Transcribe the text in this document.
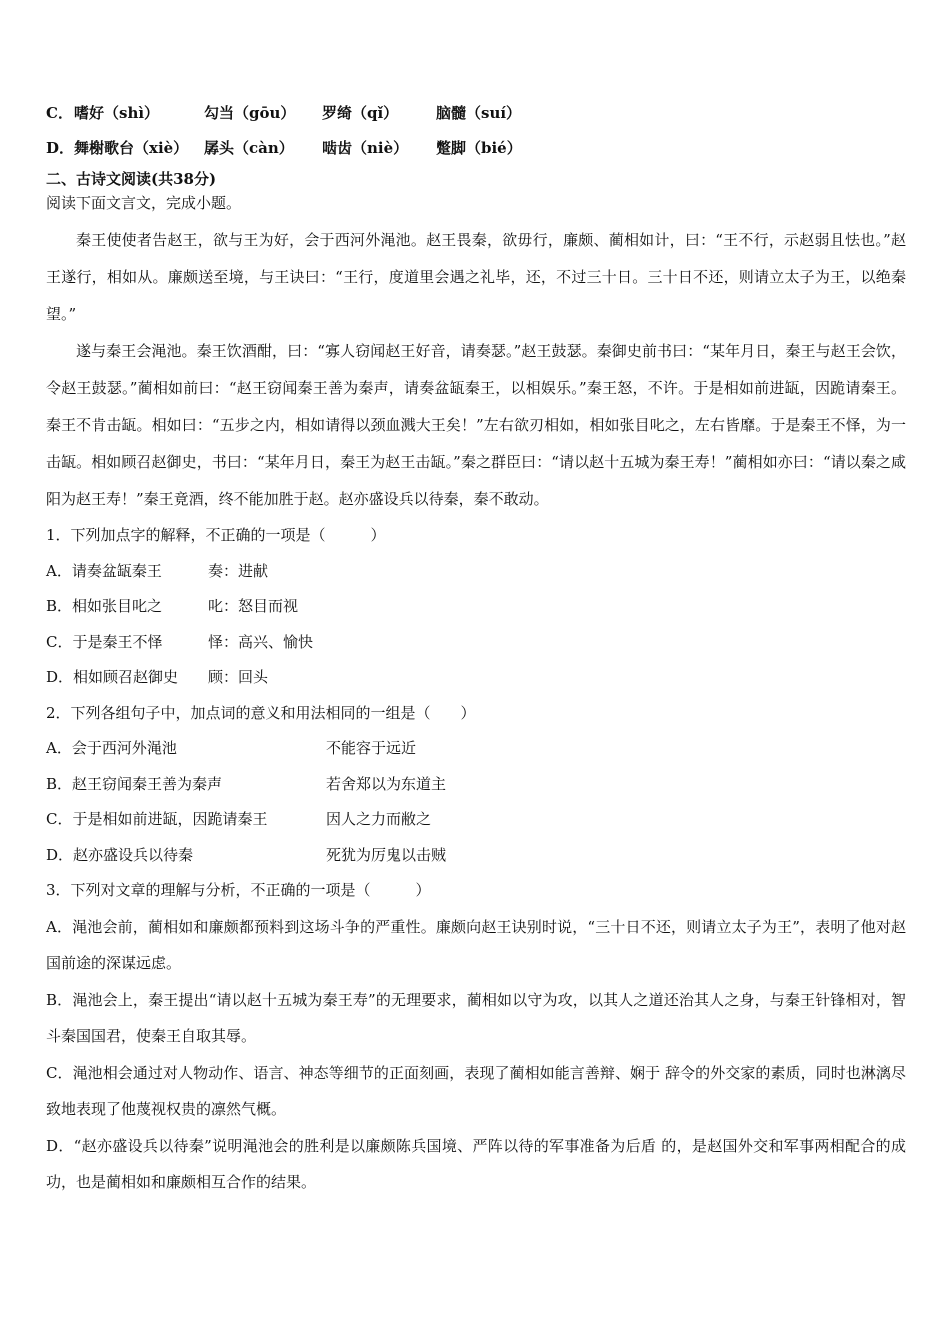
C． 嗜好（shì）	勾当（gōu） 罗绮（qǐ）	脑髓（suí）
D． 舞榭歌台（xiè） 孱头（càn） 啮齿（niè） 蹩脚（bié）
二、古诗文阅读(共38分)
阅读下面文言文，完成小题。
秦王使使者告赵王，欲与王为好，会于西河外渑池。赵王畏秦，欲毋行，廉颇、蔺相如计，曰：“王不行，示赵弱且怯也。”赵王遂行，相如从。廉颇送至境，与王诀曰：“王行，度道里会遇之礼毕，还，不过三十日。三十日不还，则请立太子为王，以绝秦望。”
遂与秦王会渑池。秦王饮酒酣，曰：“寡人窃闻赵王好音，请奏瑟。”赵王鼓瑟。秦御史前书曰：“某年月日，秦王与赵王会饮，令赵王鼓瑟。”蔺相如前曰：“赵王窃闻秦王善为秦声，请奏盆缻秦王，以相娱乐。”秦王怒，不许。于是相如前进缻，因跪请秦王。秦王不肯击缻。相如曰：“五步之内，相如请得以颈血溅大王矣！”左右欲刃相如，相如张目叱之，左右皆靡。于是秦王不怿，为一击缻。相如顾召赵御史，书曰：“某年月日，秦王为赵王击缻。”秦之群臣曰：“请以赵十五城为秦王寿！”蔺相如亦曰：“请以秦之咸阳为赵王寿！”秦王竟酒，终不能加胜于赵。赵亦盛设兵以待秦，秦不敢动。
1．下列加点字的解释，不正确的一项是（　　　）
A．请奏盆缻秦王	奏：进献
B．相如张目叱之	叱：怒目而视
C．于是秦王不怿	怿：高兴、愉快
D．相如顾召赵御史 顾：回头
2．下列各组句子中，加点词的意义和用法相同的一组是（　　）
A．会于西河外渑池	不能容于远近
B．赵王窃闻秦王善为秦声	若舍郑以为东道主
C．于是相如前进缻，因跪请秦王	因人之力而敝之
D．赵亦盛设兵以待秦	死犹为厉鬼以击贼
3．下列对文章的理解与分析，不正确的一项是（　　　）
A．渑池会前，蔺相如和廉颇都预料到这场斗争的严重性。廉颇向赵王诀别时说，“三十日不还，则请立太子为王”，表明了他对赵国前途的深谋远虑。
B．渑池会上，秦王提出“请以赵十五城为秦王寿”的无理要求，蔺相如以守为攻，以其人之道还治其人之身，与秦王针锋相对，智斗秦国国君，使秦王自取其辱。
C．渑池相会通过对人物动作、语言、神态等细节的正面刻画，表现了蔺相如能言善辩、娴于 辞令的外交家的素质，同时也淋漓尽致地表现了他蔑视权贵的凛然气概。
D．“赵亦盛设兵以待秦”说明渑池会的胜利是以廉颇陈兵国境、严阵以待的军事准备为后盾 的，是赵国外交和军事两相配合的成功，也是蔺相如和廉颇相互合作的结果。
